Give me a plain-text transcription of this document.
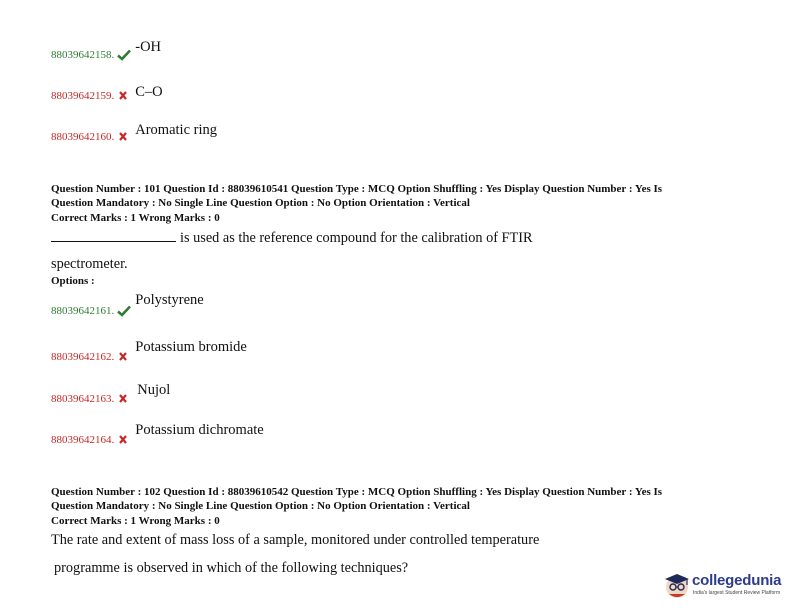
88039642158. -OH
88039642159. C–O
88039642160. Aromatic ring
Question Number : 101 Question Id : 88039610541 Question Type : MCQ Option Shuffling : Yes Display Question Number : Yes Is
Question Mandatory : No Single Line Question Option : No Option Orientation : Vertical
Correct Marks : 1 Wrong Marks : 0
is used as the reference compound for the calibration of FTIR
spectrometer.
Options :
88039642161.
Polystyrene
88039642162.
Potassium bromide
88039642163.
Nujol
88039642164.
Potassium dichromate
Question Number : 102 Question Id : 88039610542 Question Type : MCQ Option Shuffling : Yes Display Question Number : Yes Is
Question Mandatory : No Single Line Question Option : No Option Orientation : Vertical
Correct Marks : 1 Wrong Marks : 0
The rate and extent of mass loss of a sample, monitored under controlled temperature
programme is observed in which of the following techniques?
collegedunia
India's largest Student Review Platform
